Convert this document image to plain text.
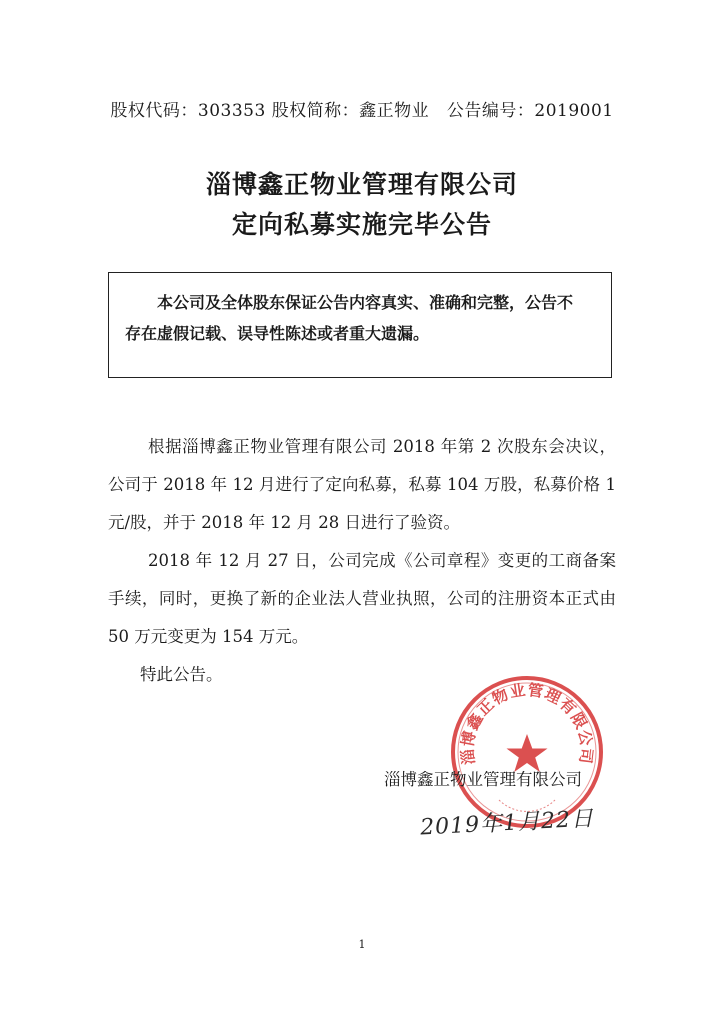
股权代码：303353 股权简称：鑫正物业 公告编号：2019001
淄博鑫正物业管理有限公司
定向私募实施完毕公告
本公司及全体股东保证公告内容真实、准确和完整，公告不
存在虚假记载、误导性陈述或者重大遗漏。

根据淄博鑫正物业管理有限公司 2018 年第 2 次股东会决议，公司于 2018 年 12 月进行了定向私募，私募 104 万股，私募价格 1 元/股，并于 2018 年 12 月 28 日进行了验资。

2018 年 12 月 27 日，公司完成《公司章程》变更的工商备案手续，同时，更换了新的企业法人营业执照，公司的注册资本正式由 50 万元变更为 154 万元。

特此公告。

淄博鑫正物业管理有限公司
淄博鑫正物业管理有限公司
2019年1月22日
1
